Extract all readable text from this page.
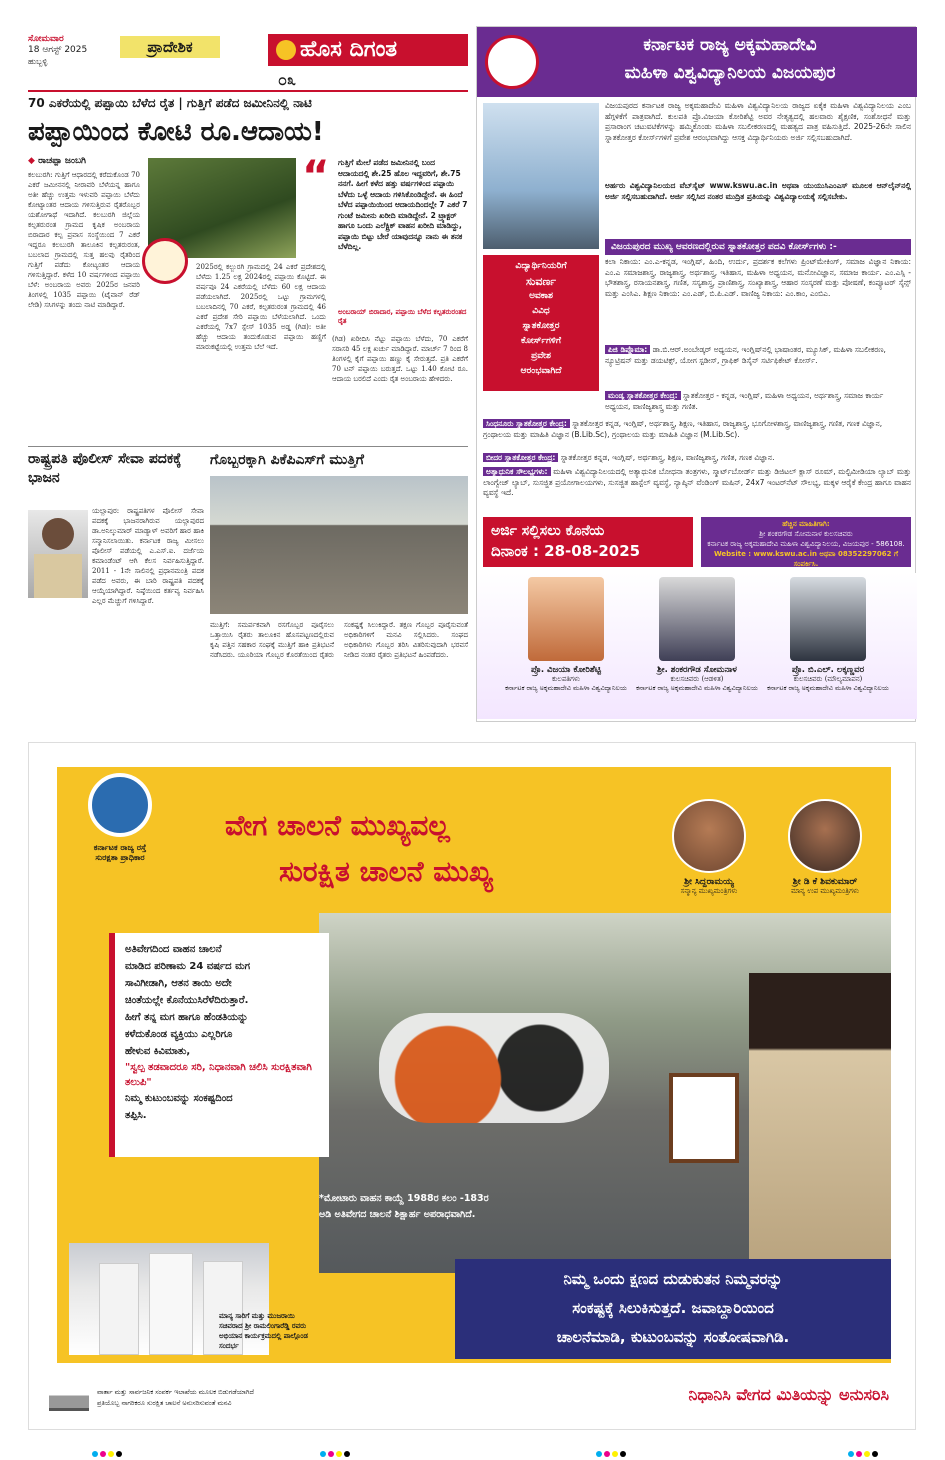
ಸೋಮವಾರ
18 ಆಗಸ್ಟ್ 2025
ಹುಬ್ಬಳ್ಳಿ
ಪ್ರಾದೇಶಿಕ	ಹೊಸ ದಿಗಂತ
೦೩
70 ಎಕರೆಯಲ್ಲಿ ಪಪ್ಪಾಯಿ ಬೆಳೆದ ರೈತ | ಗುತ್ತಿಗೆ ಪಡೆದ ಜಮೀನಿನಲ್ಲಿ ನಾಟಿ
ಪಪ್ಪಾಯಿಂದ ಕೋಟಿ ರೂ.ಆದಾಯ!
◆ ರಾಚಪ್ಪಾ ಜಂಬಗಿ
ಕಲಬುರಗಿ: ಗುತ್ತಿಗೆ ಆಧಾರದಲ್ಲಿ ಕರೆದುಕೊಂಡ 70 ಎಕರೆ ಜಮೀನನಲ್ಲಿ ನೀರಾವರಿ ಬೆಳೆಯನ್ನ ಹಾಗೂ ಅತೀ ಹೆಚ್ಚು ಉತ್ತಮ ಇಳುವರಿ ಪಪ್ಪಾಯಿ ಬೆಳೆದು ಕೋಟ್ಯಾಂತರ ಆದಾಯ ಗಳಿಸುತ್ತಿರುವ ರೈತರೊಬ್ಬರ ಯಶೋಗಾಥೆ ಇದಾಗಿದೆ. ಕಲಬುರಗಿ ಜಿಲ್ಲೆಯ ಕಲ್ಪತರುರಂತ ಗ್ರಾಮದ ಕೃಷಿಕ ಅಂಬರಾಯ ಬಿರಾದಾರ ಕಲ್ಪ ಪ್ರವಾಸ ಸಂಸ್ಥೆಯಿಂದ 7 ಎಕರೆ ಇದ್ದರೂ ಕಲಬುರಗಿ ತಾಲೂಕಿನ ಕಲ್ಪತರುರಂತ, ಬಬಲಾದ ಗ್ರಾಮದಲ್ಲಿ ಸುತ್ತ ಹಲವು ರೈತರಿಂದ ಗುತ್ತಿಗೆ ಪಡೆದು ಕೋಟ್ಯಂತರ ಆದಾಯ ಗಳಿಸುತ್ತಿದ್ದಾರೆ. ಕಳೆದ 10 ವರ್ಷಗಳಿಂದ ಪಪ್ಪಾಯಿ ಬೆಳೆ: ಅಂಬರಾಯ ಅವರು 2025ರ ಜನವರಿ ತಿಂಗಳಲ್ಲಿ 1035 ಪಪ್ಪಾಯಿ (ಟೈವಾನ್ ರೆಡ್ ಲೇಡಿ) ಸಸಿಗಳನ್ನು ತಂದು ನಾಟಿ ಮಾಡಿದ್ದಾರೆ.
2025ರಲ್ಲಿ ಕಲ್ಬುರಗಿ ಗ್ರಾಮದಲ್ಲಿ 24 ಎಕರೆ ಪ್ರದೇಶದಲ್ಲಿ ಬೆಳೆದು 1.25 ಲಕ್ಷ 2024ರಲ್ಲಿ ಪಪ್ಪಾಯಿ ಕೊಟ್ಟಿದೆ. ಈ ವರ್ಷವೂ 24 ಎಕರೆಯಲ್ಲಿ ಬೆಳೆದು 60 ಲಕ್ಷ ಆದಾಯ ಪಡೆಯಲಾಗಿದೆ. 2025ರಲ್ಲಿ ಒಟ್ಟು ಗ್ರಾಮಗಳಲ್ಲಿ ಬಬಲಾದಿನಲ್ಲಿ 70 ಎಕರೆ, ಕಲ್ಪತರುರಂತ ಗ್ರಾಮದಲ್ಲಿ 46 ಎಕರೆ ಪ್ರದೇಶ ಸೇರಿ ಪಪ್ಪಾಯಿ ಬೆಳೆಯಲಾಗಿದೆ. ಒಂದು ಎಕರೆಯಲ್ಲಿ 7x7 ಸ್ಪೇಸ್ 1035 ಅಡ್ಡ (ಗಿಡ): ಅತೀ ಹೆಚ್ಚು ಆದಾಯ ತಂದುಕೊಡುವ ಪಪ್ಪಾಯಿ ಹಣ್ಣಿಗೆ ಮಾರುಕಟ್ಟೆಯಲ್ಲಿ ಉತ್ತಮ ಬೆಲೆ ಇದೆ.
“	ಗುತ್ತಿಗೆ ಮೇಲೆ ಪಡೆದ ಜಮೀನಿನಲ್ಲಿ ಬಂದ ಆದಾಯದಲ್ಲಿ ಶೇ.25 ಹೊಲ ಇದ್ದವರಿಗೆ, ಶೇ.75 ನನಗೆ. ಹೀಗೆ ಕಳೆದ ಹತ್ತು ವರ್ಷಗಳಿಂದ ಪಪ್ಪಾಯಿ ಬೆಳೆದು ಒಳ್ಳೆ ಆದಾಯ ಗಳಿಸಿಕೊಂಡಿದ್ದೇನೆ. ಈ ಹಿಂದೆ ಬೆಳೆದ ಪಪ್ಪಾಯಿಯಿಂದ ಆದಾಯದಿಂದಲ್ಲೇ 7 ಎಕರೆ 7 ಗುಂಟೆ ಜಮೀನು ಖರೀದಿ ಮಾಡಿದ್ದೇನೆ. 2 ಟ್ರ್ಯಾಕ್ಟರ್ ಹಾಗೂ ಒಂದು ಎಲೆಕ್ಟ್ರಿಕ್ ವಾಹನ ಖರೀದಿ ಮಾಡಿದ್ದು, ಪಪ್ಪಾಯಿ ಬಿಟ್ಟು ಬೇರೆ ಯಾವುದನ್ನೂ ನಾನು ಈ ತನಕ ಬೆಳೆದಿಲ್ಲ.
ಅಂಬರಾಯ್ ಬಿರಾದಾರ, ಪಪ್ಪಾಯಿ ಬೆಳೆದ ಕಲ್ಪತರುರಂತದ ರೈತ
(ಗಿಡ) ಖರೀದಿಸಿ ನೆಟ್ಟು ಪಪ್ಪಾಯಿ ಬೆಳೆದು, 70 ಎಕರೆಗೆ ಸರಾಸರಿ 45 ಲಕ್ಷ ಖರ್ಚು ಮಾಡಿದ್ದಾರೆ. ಮಾರ್ಚ್ 7 ರಿಂದ 8 ತಿಂಗಳಲ್ಲಿ ಕೈಗೆ ಪಪ್ಪಾಯಿ ಹಣ್ಣು ಕೈ ಸೇರುತ್ತದೆ. ಪ್ರತಿ ಎಕರೆಗೆ 70 ಟನ್ ಪಪ್ಪಾಯಿ ಬರುತ್ತದೆ. ಒಟ್ಟು 1.40 ಕೋಟಿ ರೂ. ಆದಾಯ ಬರಲಿದೆ ಎಂದು ರೈತ ಅಂಬರಾಯ ಹೇಳಿದರು.
ರಾಷ್ಟ್ರಪತಿ ಪೊಲೀಸ್ ಸೇವಾ ಪದಕಕ್ಕೆ ಭಾಜನ
ಯಲ್ಲಾಪುರ: ರಾಷ್ಟ್ರಪತಿಗಳ ಪೊಲೀಸ್ ಸೇವಾ ಪದಕಕ್ಕೆ ಭಾಜನರಾಗಿರುವ ಯಲ್ಲಾಪುರದ ಡಾ.ಅನಿಲ್ಕುಮಾರ್ ಮಾಡ್ಯಾಳ್ ಅವರಿಗೆ ಹಾರ ಹಾಕಿ ಸನ್ಮಾನಿಸಲಾಯಿತು. ಕರ್ನಾಟಕ ರಾಜ್ಯ ಮೀಸಲು ಪೊಲೀಸ್ ಪಡೆಯಲ್ಲಿ ಎ.ಎಸ್.ಐ. ದರ್ಜೆಯ ಕಮಾಂಡೆಂಟ್ ಆಗಿ ಕೆಲಸ ನಿರ್ವಹಿಸುತ್ತಿದ್ದಾರೆ. 2011 - 1ನೇ ಸಾಲಿನಲ್ಲಿ ಪ್ರಧಾನಮಂತ್ರಿ ಪದಕ ಪಡೆದ ಅವರು, ಈ ಬಾರಿ ರಾಷ್ಟ್ರಪತಿ ಪದಕಕ್ಕೆ ಆಯ್ಕೆಯಾಗಿದ್ದಾರೆ. ನಿಷ್ಠೆಯಿಂದ ಕರ್ತವ್ಯ ನಿರ್ವಹಿಸಿ ಎಲ್ಲರ ಮೆಚ್ಚುಗೆ ಗಳಿಸಿದ್ದಾರೆ.
ಗೊಬ್ಬರಕ್ಕಾಗಿ ಪಿಕೆಪಿಎಸ್‌ಗೆ ಮುತ್ತಿಗೆ
ಮುತ್ತಿಗೆ: ಸಮರ್ಪಕವಾಗಿ ರಸಗೊಬ್ಬರ ಪೂರೈಸಲು ಒತ್ತಾಯಿಸಿ ರೈತರು ತಾಲೂಕಿನ ಹೊಸಪಟ್ಟಣದಲ್ಲಿರುವ ಕೃಷಿ ಪತ್ತಿನ ಸಹಕಾರ ಸಂಘಕ್ಕೆ ಮುತ್ತಿಗೆ ಹಾಕಿ ಪ್ರತಿಭಟನೆ ನಡೆಸಿದರು. ಯೂರಿಯಾ ಗೊಬ್ಬರ ಕೊರತೆಯಿಂದ ರೈತರು ಸಂಕಷ್ಟಕ್ಕೆ ಸಿಲುಕಿದ್ದಾರೆ. ತಕ್ಷಣ ಗೊಬ್ಬರ ಪೂರೈಸುವಂತೆ ಅಧಿಕಾರಿಗಳಿಗೆ ಮನವಿ ಸಲ್ಲಿಸಿದರು. ಸಂಘದ ಅಧಿಕಾರಿಗಳು ಗೊಬ್ಬರ ತರಿಸಿ ವಿತರಿಸುವುದಾಗಿ ಭರವಸೆ ನೀಡಿದ ನಂತರ ರೈತರು ಪ್ರತಿಭಟನೆ ಹಿಂಪಡೆದರು.
ಕರ್ನಾಟಕ ರಾಜ್ಯ ಅಕ್ಕಮಹಾದೇವಿ
ಮಹಿಳಾ ವಿಶ್ವವಿದ್ಯಾನಿಲಯ ವಿಜಯಪುರ
ವಿಜಯಪುರದ ಕರ್ನಾಟಕ ರಾಜ್ಯ ಅಕ್ಕಮಹಾದೇವಿ ಮಹಿಳಾ ವಿಶ್ವವಿದ್ಯಾನಿಲಯ ರಾಜ್ಯದ ಏಕೈಕ ಮಹಿಳಾ ವಿಶ್ವವಿದ್ಯಾನಿಲಯ ಎಂಬ ಹೆಗ್ಗಳಿಕೆಗೆ ಪಾತ್ರವಾಗಿದೆ. ಕುಲಪತಿ ಪ್ರೊ.ವಿಜಯಾ ಕೋರಿಶೆಟ್ಟಿ ಅವರ ನೇತೃತ್ವದಲ್ಲಿ ಹಲವಾರು ಶೈಕ್ಷಣಿಕ, ಸಂಶೋಧನೆ ಮತ್ತು ಪ್ರಸಾರಾಂಗ ಚಟುವಟಿಕೆಗಳನ್ನು ಹಮ್ಮಿಕೊಂಡು ಮಹಿಳಾ ಸಬಲೀಕರಣದಲ್ಲಿ ಮಹತ್ವದ ಪಾತ್ರ ವಹಿಸುತ್ತಿದೆ. 2025-26ನೇ ಸಾಲಿನ ಸ್ನಾತಕೋತ್ತರ ಕೋರ್ಸ್‌ಗಳಿಗೆ ಪ್ರವೇಶ ಆರಂಭವಾಗಿದ್ದು ಆಸಕ್ತ ವಿದ್ಯಾರ್ಥಿನಿಯರು ಅರ್ಜಿ ಸಲ್ಲಿಸಬಹುದಾಗಿದೆ.
ಅರ್ಹರು ವಿಶ್ವವಿದ್ಯಾನಿಲಯದ ವೆಬ್‌ಸೈಟ್ www.kswu.ac.in ಅಥವಾ ಯುಯುಸಿಎಂಎಸ್ ಮೂಲಕ ಆನ್‌ಲೈನ್‌ನಲ್ಲಿ ಅರ್ಜಿ ಸಲ್ಲಿಸಬಹುದಾಗಿದೆ. ಅರ್ಜಿ ಸಲ್ಲಿಸಿದ ನಂತರ ಮುದ್ರಿತ ಪ್ರತಿಯನ್ನು ವಿಶ್ವವಿದ್ಯಾಲಯಕ್ಕೆ ಸಲ್ಲಿಸಬೇಕು.
ವಿಜಯಪುರದ ಮುಖ್ಯ ಆವರಣದಲ್ಲಿರುವ ಸ್ನಾತಕೋತ್ತರ ಪದವಿ ಕೋರ್ಸ್‌ಗಳು :-
ವಿದ್ಯಾರ್ಥಿನಿಯರಿಗೆ
ಸುವರ್ಣ
ಅವಕಾಶ
ವಿವಿಧ
ಸ್ನಾತಕೋತ್ತರ
ಕೋರ್ಸ್‌ಗಳಿಗೆ
ಪ್ರವೇಶ
ಆರಂಭವಾಗಿದೆ
ಕಲಾ ನಿಕಾಯ: ಎಂ.ಎ-ಕನ್ನಡ, ಇಂಗ್ಲಿಷ್, ಹಿಂದಿ, ಉರ್ದು, ಪ್ರದರ್ಶಕ ಕಲೆಗಳು ಪ್ರಿಂಟ್‌ಮೇಕಿಂಗ್, ಸಮಾಜ ವಿಜ್ಞಾನ ನಿಕಾಯ: ಎಂ.ಎ ಸಮಾಜಶಾಸ್ತ್ರ, ರಾಜ್ಯಶಾಸ್ತ್ರ, ಅರ್ಥಶಾಸ್ತ್ರ, ಇತಿಹಾಸ, ಮಹಿಳಾ ಅಧ್ಯಯನ, ಮನೋವಿಜ್ಞಾನ, ಸಮಾಜ ಕಾರ್ಯ. ಎಂ.ಎಸ್ಸಿ - ಭೌತಶಾಸ್ತ್ರ, ರಸಾಯನಶಾಸ್ತ್ರ, ಗಣಿತ, ಸಸ್ಯಶಾಸ್ತ್ರ, ಪ್ರಾಣಿಶಾಸ್ತ್ರ, ಸಂಖ್ಯಾಶಾಸ್ತ್ರ, ಆಹಾರ ಸಂಸ್ಕರಣೆ ಮತ್ತು ಪೋಷಣೆ, ಕಂಪ್ಯೂಟರ್ ಸೈನ್ಸ್ ಮತ್ತು ಎಂಸಿಎ. ಶಿಕ್ಷಣ ನಿಕಾಯ: ಎಂ.ಎಡ್, ಬಿ.ಪಿ.ಎಡ್. ವಾಣಿಜ್ಯ ನಿಕಾಯ: ಎಂ.ಕಾಂ, ಎಂಬಿಎ.
ಪಿಜಿ ಡಿಪ್ಲೊಮಾ: ಡಾ.ಬಿ.ಆರ್.ಅಂಬೇಡ್ಕರ್ ಅಧ್ಯಯನ, ಇಂಗ್ಲಿಷ್‌ನಲ್ಲಿ ಭಾಷಾಂತರ, ಮ್ಯೂಸಿಕ್, ಮಹಿಳಾ ಸಬಲೀಕರಣ, ನ್ಯೂಟ್ರಿಷನ್ ಮತ್ತು ಡಯಟಿಕ್ಸ್, ಯೋಗ ಸ್ಟಡೀಸ್, ಗ್ರಾಫಿಕ್ ಡಿಸೈನ್ ಸರ್ಟಿಫಿಕೇಟ್ ಕೋರ್ಸ್.
ಮಂಡ್ಯ ಸ್ನಾತಕೋತ್ತರ ಕೇಂದ್ರ: ಸ್ನಾತಕೋತ್ತರ - ಕನ್ನಡ, ಇಂಗ್ಲಿಷ್, ಮಹಿಳಾ ಅಧ್ಯಯನ, ಅರ್ಥಶಾಸ್ತ್ರ, ಸಮಾಜ ಕಾರ್ಯ ಅಧ್ಯಯನ, ವಾಣಿಜ್ಯಶಾಸ್ತ್ರ ಮತ್ತು ಗಣಿತ.
ಸಿಂಧನೂರು ಸ್ನಾತಕೋತ್ತರ ಕೇಂದ್ರ: ಸ್ನಾತಕೋತ್ತರ ಕನ್ನಡ, ಇಂಗ್ಲಿಷ್, ಅರ್ಥಶಾಸ್ತ್ರ, ಶಿಕ್ಷಣ, ಇತಿಹಾಸ, ರಾಜ್ಯಶಾಸ್ತ್ರ, ಭೂಗೋಳಶಾಸ್ತ್ರ, ವಾಣಿಜ್ಯಶಾಸ್ತ್ರ, ಗಣಿತ, ಗಣಕ ವಿಜ್ಞಾನ, ಗ್ರಂಥಾಲಯ ಮತ್ತು ಮಾಹಿತಿ ವಿಜ್ಞಾನ (B.Lib.Sc), ಗ್ರಂಥಾಲಯ ಮತ್ತು ಮಾಹಿತಿ ವಿಜ್ಞಾನ (M.Lib.Sc).
ಬೀದರ ಸ್ನಾತಕೋತ್ತರ ಕೇಂದ್ರ: ಸ್ನಾತಕೋತ್ತರ ಕನ್ನಡ, ಇಂಗ್ಲಿಷ್, ಅರ್ಥಶಾಸ್ತ್ರ, ಶಿಕ್ಷಣ, ವಾಣಿಜ್ಯಶಾಸ್ತ್ರ, ಗಣಿತ, ಗಣಕ ವಿಜ್ಞಾನ.
ಅತ್ಯಾಧುನಿಕ ಸೌಲಭ್ಯಗಳು: ಮಹಿಳಾ ವಿಶ್ವವಿದ್ಯಾನಿಲಯದಲ್ಲಿ ಅತ್ಯಾಧುನಿಕ ಬೋಧನಾ ತಂತ್ರಗಳು, ಸ್ಮಾರ್ಟ್‌ಬೋರ್ಡ್ ಮತ್ತು ಡಿಜಿಟಲ್ ಕ್ಲಾಸ್ ರೂಮ್, ಮಲ್ಟಿಮೀಡಿಯಾ ಲ್ಯಾಬ್ ಮತ್ತು ಲಾಂಗ್ವೇಜ್ ಲ್ಯಾಬ್, ಸುಸಜ್ಜಿತ ಪ್ರಯೋಗಾಲಯಗಳು, ಸುಸಜ್ಜಿತ ಹಾಸ್ಟೆಲ್ ವ್ಯವಸ್ಥೆ, ನ್ಯಾಪ್ಕಿನ್ ವೆಂಡಿಂಗ್ ಮಷಿನ್, 24x7 ಇಂಟರ್‌ನೆಟ್ ಸೌಲಭ್ಯ, ಮಕ್ಕಳ ಆರೈಕೆ ಕೇಂದ್ರ ಹಾಗೂ ವಾಹನ ವ್ಯವಸ್ಥೆ ಇದೆ.
ಅರ್ಜಿ ಸಲ್ಲಿಸಲು ಕೊನೆಯ
ದಿನಾಂಕ : 28-08-2025
ಹೆಚ್ಚಿನ ಮಾಹಿತಿಗಾಗಿ:
ಶ್ರೀ ಶಂಕರಗೌಡ ಸೋಮನಾಳ ಕುಲಸಚಿವರು
ಕರ್ನಾಟಕ ರಾಜ್ಯ ಅಕ್ಕಮಹಾದೇವಿ ಮಹಿಳಾ ವಿಶ್ವವಿದ್ಯಾನಿಲಯ, ವಿಜಯಪುರ - 586108.
Website : www.kswu.ac.in ಅಥವಾ 08352297062 ಗೆ ಸಂಪರ್ಕಿಸಿ.
ಪ್ರೊ. ವಿಜಯಾ ಕೋರಿಶೆಟ್ಟಿ
ಕುಲಪತಿಗಳು
ಕರ್ನಾಟಕ ರಾಜ್ಯ ಅಕ್ಕಮಹಾದೇವಿ ಮಹಿಳಾ ವಿಶ್ವವಿದ್ಯಾನಿಲಯ
ಶ್ರೀ. ಶಂಕರಗೌಡ ಸೋಮನಾಳ
ಕುಲಸಚಿವರು (ಆಡಳಿತ)
ಕರ್ನಾಟಕ ರಾಜ್ಯ ಅಕ್ಕಮಹಾದೇವಿ ಮಹಿಳಾ ವಿಶ್ವವಿದ್ಯಾನಿಲಯ
ಪ್ರೊ. ಬಿ.ಎಲ್. ಲಕ್ಕಣ್ಣವರ
ಕುಲಸಚಿವರು (ಮೌಲ್ಯಮಾಪನ)
ಕರ್ನಾಟಕ ರಾಜ್ಯ ಅಕ್ಕಮಹಾದೇವಿ ಮಹಿಳಾ ವಿಶ್ವವಿದ್ಯಾನಿಲಯ
ಕರ್ನಾಟಕ ರಾಜ್ಯ ರಸ್ತೆ
ಸುರಕ್ಷತಾ ಪ್ರಾಧಿಕಾರ
ವೇಗ ಚಾಲನೆ ಮುಖ್ಯವಲ್ಲ
ಸುರಕ್ಷಿತ ಚಾಲನೆ ಮುಖ್ಯ	ಶ್ರೀ ಸಿದ್ದರಾಮಯ್ಯ
ಸನ್ಮಾನ್ಯ ಮುಖ್ಯಮಂತ್ರಿಗಳು
ಶ್ರೀ ಡಿ ಕೆ ಶಿವಕುಮಾರ್
ಮಾನ್ಯ ಉಪ ಮುಖ್ಯಮಂತ್ರಿಗಳು
ಅತಿವೇಗದಿಂದ ವಾಹನ ಚಾಲನೆ
ಮಾಡಿದ ಪರಿಣಾಮ 24 ವರ್ಷದ ಮಗ
ಸಾವಿಗೀಡಾಗಿ, ಆತನ ತಾಯಿ ಅದೇ
ಚಿಂತೆಯಲ್ಲೇ ಕೊನೆಯುಸಿರೆಳೆದಿರುತ್ತಾರೆ.
ಹೀಗೆ ತನ್ನ ಮಗ ಹಾಗೂ ಹೆಂಡತಿಯನ್ನು
ಕಳೆದುಕೊಂಡ ವ್ಯಕ್ತಿಯು ಎಲ್ಲರಿಗೂ
ಹೇಳುವ ಕಿವಿಮಾತು,
"ಸ್ವಲ್ಪ ತಡವಾದರೂ ಸರಿ, ನಿಧಾನವಾಗಿ ಚಲಿಸಿ ಸುರಕ್ಷಿತವಾಗಿ ತಲುಪಿ"
ನಿಮ್ಮ ಕುಟುಂಬವನ್ನು ಸಂಕಷ್ಟದಿಂದ
ತಪ್ಪಿಸಿ.
*ಮೋಟಾರು ವಾಹನ ಕಾಯ್ದೆ 1988ರ ಕಲಂ -183ರ ಅಡಿ ಅತಿವೇಗದ ಚಾಲನೆ ಶಿಕ್ಷಾರ್ಹ ಅಪರಾಧವಾಗಿದೆ.
ಮಾನ್ಯ ಸಾರಿಗೆ ಮತ್ತು ಮುಜರಾಯಿ
ಸಚಿವರಾದ ಶ್ರೀ ರಾಮಲಿಂಗಾರೆಡ್ಡಿ ರವರು
ಅಭಿಯಾನ ಕಾರ್ಯಕ್ರಮದಲ್ಲಿ ಪಾಲ್ಗೊಂಡ
ಸಂದರ್ಭ
ನಿಮ್ಮ ಒಂದು ಕ್ಷಣದ ದುಡುಕುತನ ನಿಮ್ಮವರನ್ನು
ಸಂಕಷ್ಟಕ್ಕೆ ಸಿಲುಕಿಸುತ್ತದೆ. ಜವಾಬ್ದಾರಿಯಿಂದ
ಚಾಲನೆಮಾಡಿ, ಕುಟುಂಬವನ್ನು ಸಂತೋಷವಾಗಿಡಿ.
ವಾರ್ತಾ ಮತ್ತು ಸಾರ್ವಜನಿಕ ಸಂಪರ್ಕ ಇಲಾಖೆಯ ಮೂಲಕ ಬಿಡುಗಡೆಯಾಗಿದೆ
ಪ್ರತಿಯೊಬ್ಬ ನಾಗರಿಕರೂ ಸುರಕ್ಷಿತ ಚಾಲನೆ ಅನುಸರಿಸುವಂತೆ ಮನವಿ	ನಿಧಾನಿಸಿ ವೇಗದ ಮಿತಿಯನ್ನು ಅನುಸರಿಸಿ
